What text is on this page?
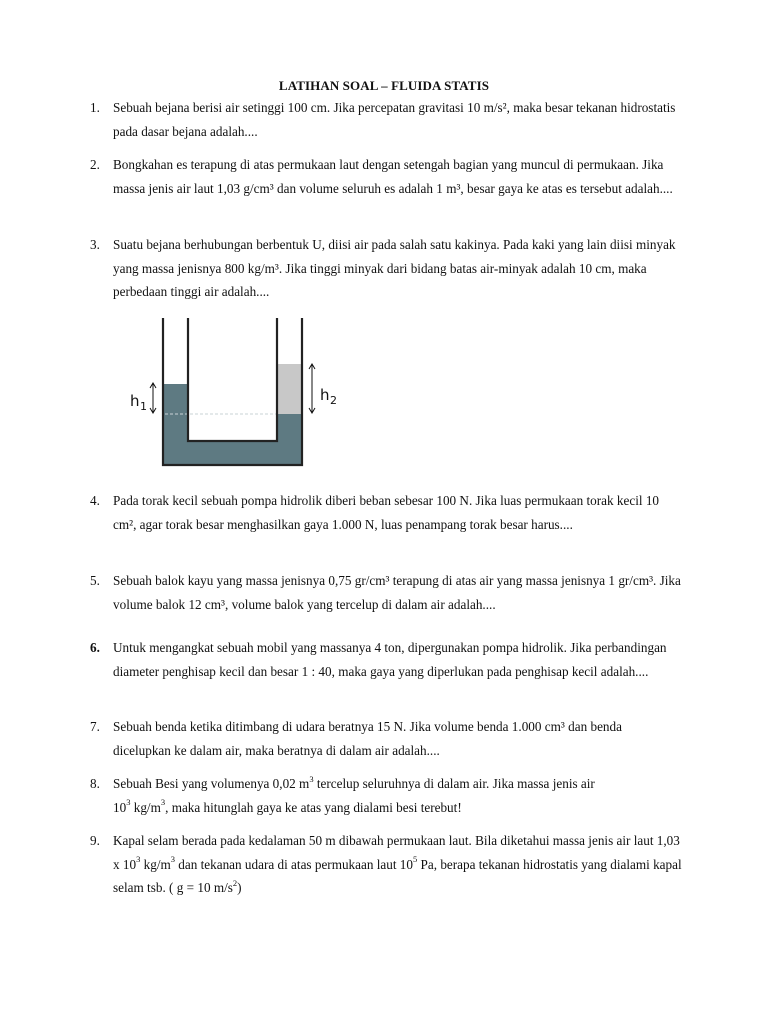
LATIHAN SOAL – FLUIDA STATIS
1. Sebuah bejana berisi air setinggi 100 cm. Jika percepatan gravitasi 10 m/s², maka besar tekanan hidrostatis pada dasar bejana adalah....
2. Bongkahan es terapung di atas permukaan laut dengan setengah bagian yang muncul di permukaan. Jika massa jenis air laut 1,03 g/cm³ dan volume seluruh es adalah 1 m³, besar gaya ke atas es tersebut adalah....
3. Suatu bejana berhubungan berbentuk U, diisi air pada salah satu kakinya. Pada kaki yang lain diisi minyak yang massa jenisnya 800 kg/m³. Jika tinggi minyak dari bidang batas air-minyak adalah 10 cm, maka perbedaan tinggi air adalah....
h 1
h 2
4. Pada torak kecil sebuah pompa hidrolik diberi beban sebesar 100 N. Jika luas permukaan torak kecil 10 cm², agar torak besar menghasilkan gaya 1.000 N, luas penampang torak besar harus....
5. Sebuah balok kayu yang massa jenisnya 0,75 gr/cm³ terapung di atas air yang massa jenisnya 1 gr/cm³. Jika volume balok 12 cm³, volume balok yang tercelup di dalam air adalah....
6. Untuk mengangkat sebuah mobil yang massanya 4 ton, dipergunakan pompa hidrolik. Jika perbandingan diameter penghisap kecil dan besar 1 : 40, maka gaya yang diperlukan pada penghisap kecil adalah....
7. Sebuah benda ketika ditimbang di udara beratnya 15 N. Jika volume benda 1.000 cm³ dan benda dicelupkan ke dalam air, maka beratnya di dalam air adalah....
8. Sebuah Besi yang volumenya 0,02 $m^3$ tercelup seluruhnya di dalam air. Jika massa jenis air
$10^3$ $kg/m^3$, maka hitunglah gaya ke atas yang dialami besi terebut!
9. Kapal selam berada pada kedalaman 50 m dibawah permukaan laut. Bila diketahui massa jenis air laut 1,03 x $10^3$ $kg/m^3$ dan tekanan udara di atas permukaan laut $10^5$ Pa, berapa tekanan hidrostatis yang dialami kapal selam tsb. ( g = 10 $m/s^2$)
